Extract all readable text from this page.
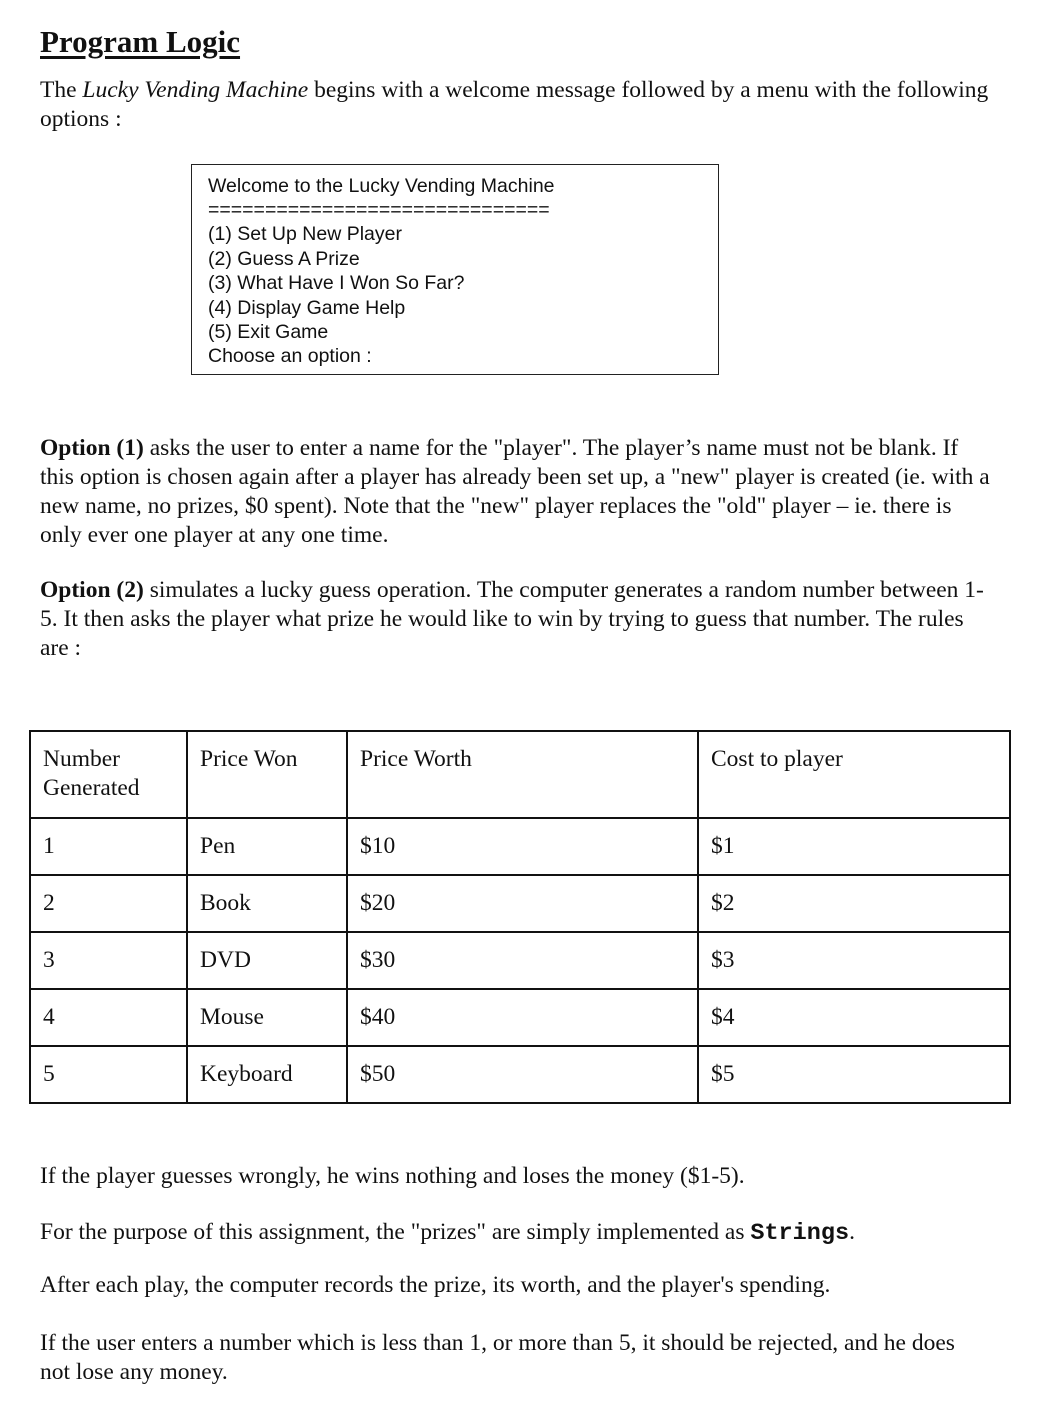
Program Logic

The Lucky Vending Machine begins with a welcome message followed by a menu with the following options :

Welcome to the Lucky Vending Machine
==============================
(1) Set Up New Player
(2) Guess A Prize
(3) What Have I Won So Far?
(4) Display Game Help
(5) Exit Game
Choose an option :

Option (1) asks the user to enter a name for the "player". The player’s name must not be blank. If this option is chosen again after a player has already been set up, a "new" player is created (ie. with a new name, no prizes, $0 spent). Note that the "new" player replaces the "old" player – ie. there is only ever one player at any one time.

Option (2) simulates a lucky guess operation. The computer generates a random number between 1-5. It then asks the player what prize he would like to win by trying to guess that number. The rules are :

Number
Generated	Price Won	Price Worth	Cost to player
1	Pen	$10	$1
2	Book	$20	$2
3	DVD	$30	$3
4	Mouse	$40	$4
5	Keyboard	$50	$5

If the player guesses wrongly, he wins nothing and loses the money ($1-5).

For the purpose of this assignment, the "prizes" are simply implemented as Strings.

After each play, the computer records the prize, its worth, and the player's spending.

If the user enters a number which is less than 1, or more than 5, it should be rejected, and he does not lose any money.
